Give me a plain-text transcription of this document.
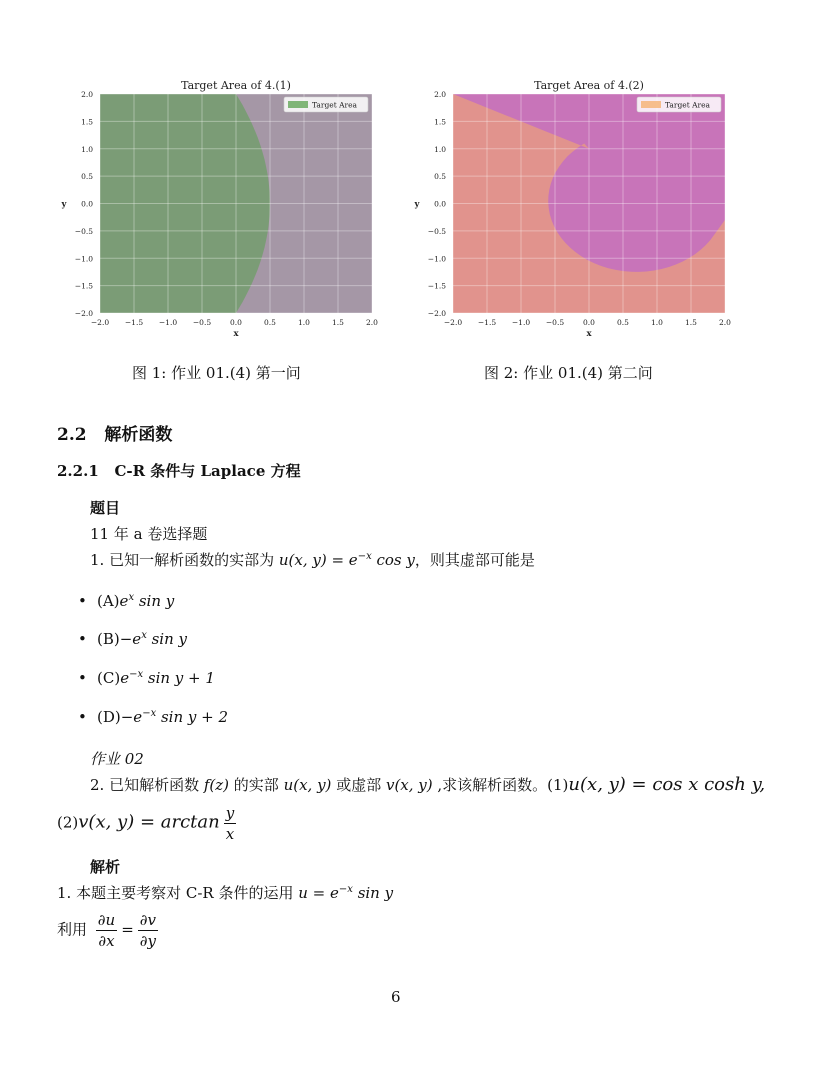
Target Area of 4.(1)
−2.0 −1.5 −1.0 −0.5	0.0	0.5	1.0	1.5	2.0
2.0
1.5
1.0
0.5
0.0
−0.5
−1.0
−1.5
−2.0
x
y
Target Area
图 1: 作业 01.(4) 第一问
Target Area of 4.(2)
−2.0 −1.5 −1.0 −0.5	0.0	0.5	1.0	1.5	2.0
2.0
1.5
1.0
0.5
0.0
−0.5
−1.0
−1.5
−2.0
x
y
Target Area
图 2: 作业 01.(4) 第二问
2.2 解析函数
2.2.1 C-R 条件与 Laplace 方程
题目
11 年 a 卷选择题
1. 已知一解析函数的实部为 u(x, $y) = e^{-x}$ cos y，则其虚部可能是
• $(A)e^x$ sin y
• $(B)-e^x$ sin y
• $(C)e^{-x}$ sin y + 1
• $(D)-e^{-x}$ sin y + 2
作业 02
2. 已知解析函数 f(z) 的实部 u(x, y) 或虚部 v(x, y) ,求该解析函数。(1)u(x, y) = cos x cosh y,
(2)v(x, $y) = \arctan \frac{y}{x}$
解析
1. 本题主要考察对 C-R 条件的运用 $u = e^{-x}$ sin y
利用 $\frac{\partial u}{\partial x} = \frac{\partial v}{\partial y}$
6
